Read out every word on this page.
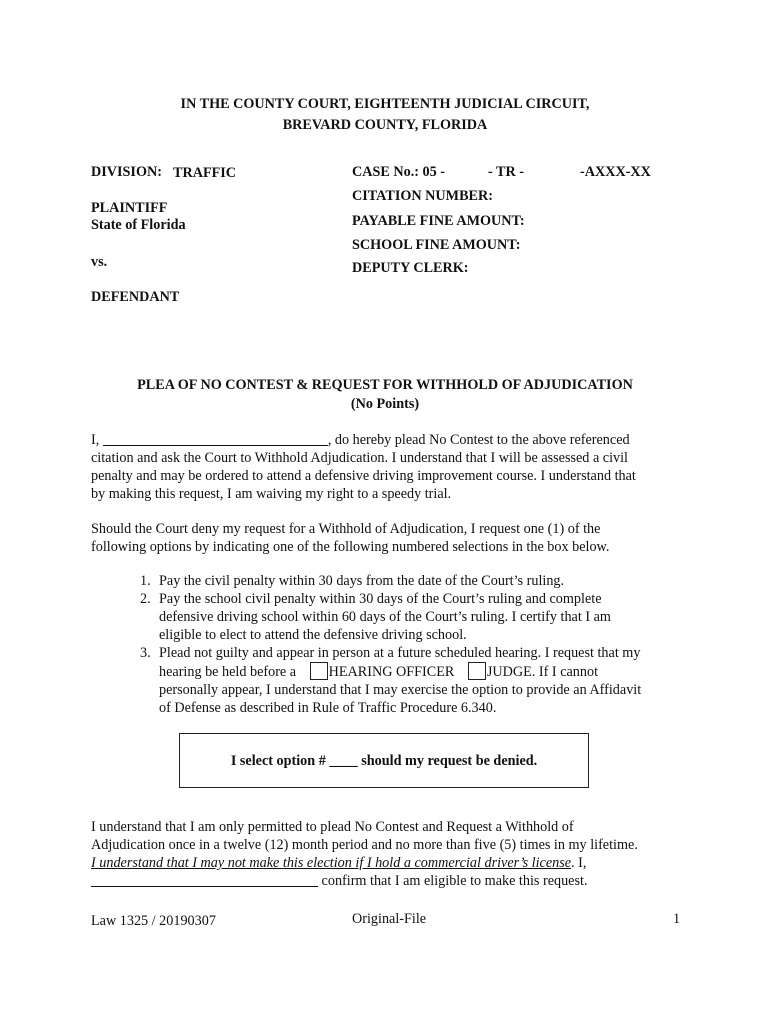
IN THE COUNTY COURT, EIGHTEENTH JUDICIAL CIRCUIT,
BREVARD COUNTY, FLORIDA
DIVISION: TRAFFIC
PLAINTIFF
State of Florida
vs.
DEFENDANT
CASE No.: 05 -	- TR -	-AXXX-XX
CITATION NUMBER:
PAYABLE FINE AMOUNT:
SCHOOL FINE AMOUNT:
DEPUTY CLERK:
PLEA OF NO CONTEST & REQUEST FOR WITHHOLD OF ADJUDICATION
(No Points)
I,	, do hereby plead No Contest to the above referenced
citation and ask the Court to Withhold Adjudication. I understand that I will be assessed a civil
penalty and may be ordered to attend a defensive driving improvement course. I understand that
by making this request, I am waiving my right to a speedy trial.
Should the Court deny my request for a Withhold of Adjudication, I request one (1) of the
following options by indicating one of the following numbered selections in the box below.
1. Pay the civil penalty within 30 days from the date of the Court’s ruling.
2. Pay the school civil penalty within 30 days of the Court’s ruling and complete
defensive driving school within 60 days of the Court’s ruling. I certify that I am
eligible to elect to attend the defensive driving school.
3. Plead not guilty and appear in person at a future scheduled hearing. I request that my
hearing be held before a HEARING OFFICER JUDGE. If I cannot
personally appear, I understand that I may exercise the option to provide an Affidavit
of Defense as described in Rule of Traffic Procedure 6.340.
I select option # ____ should my request be denied.
I understand that I am only permitted to plead No Contest and Request a Withhold of
Adjudication once in a twelve (12) month period and no more than five (5) times in my lifetime.
I understand that I may not make this election if I hold a commercial driver’s license. I,
confirm that I am eligible to make this request.
Law 1325 / 20190307	Original-File	1
